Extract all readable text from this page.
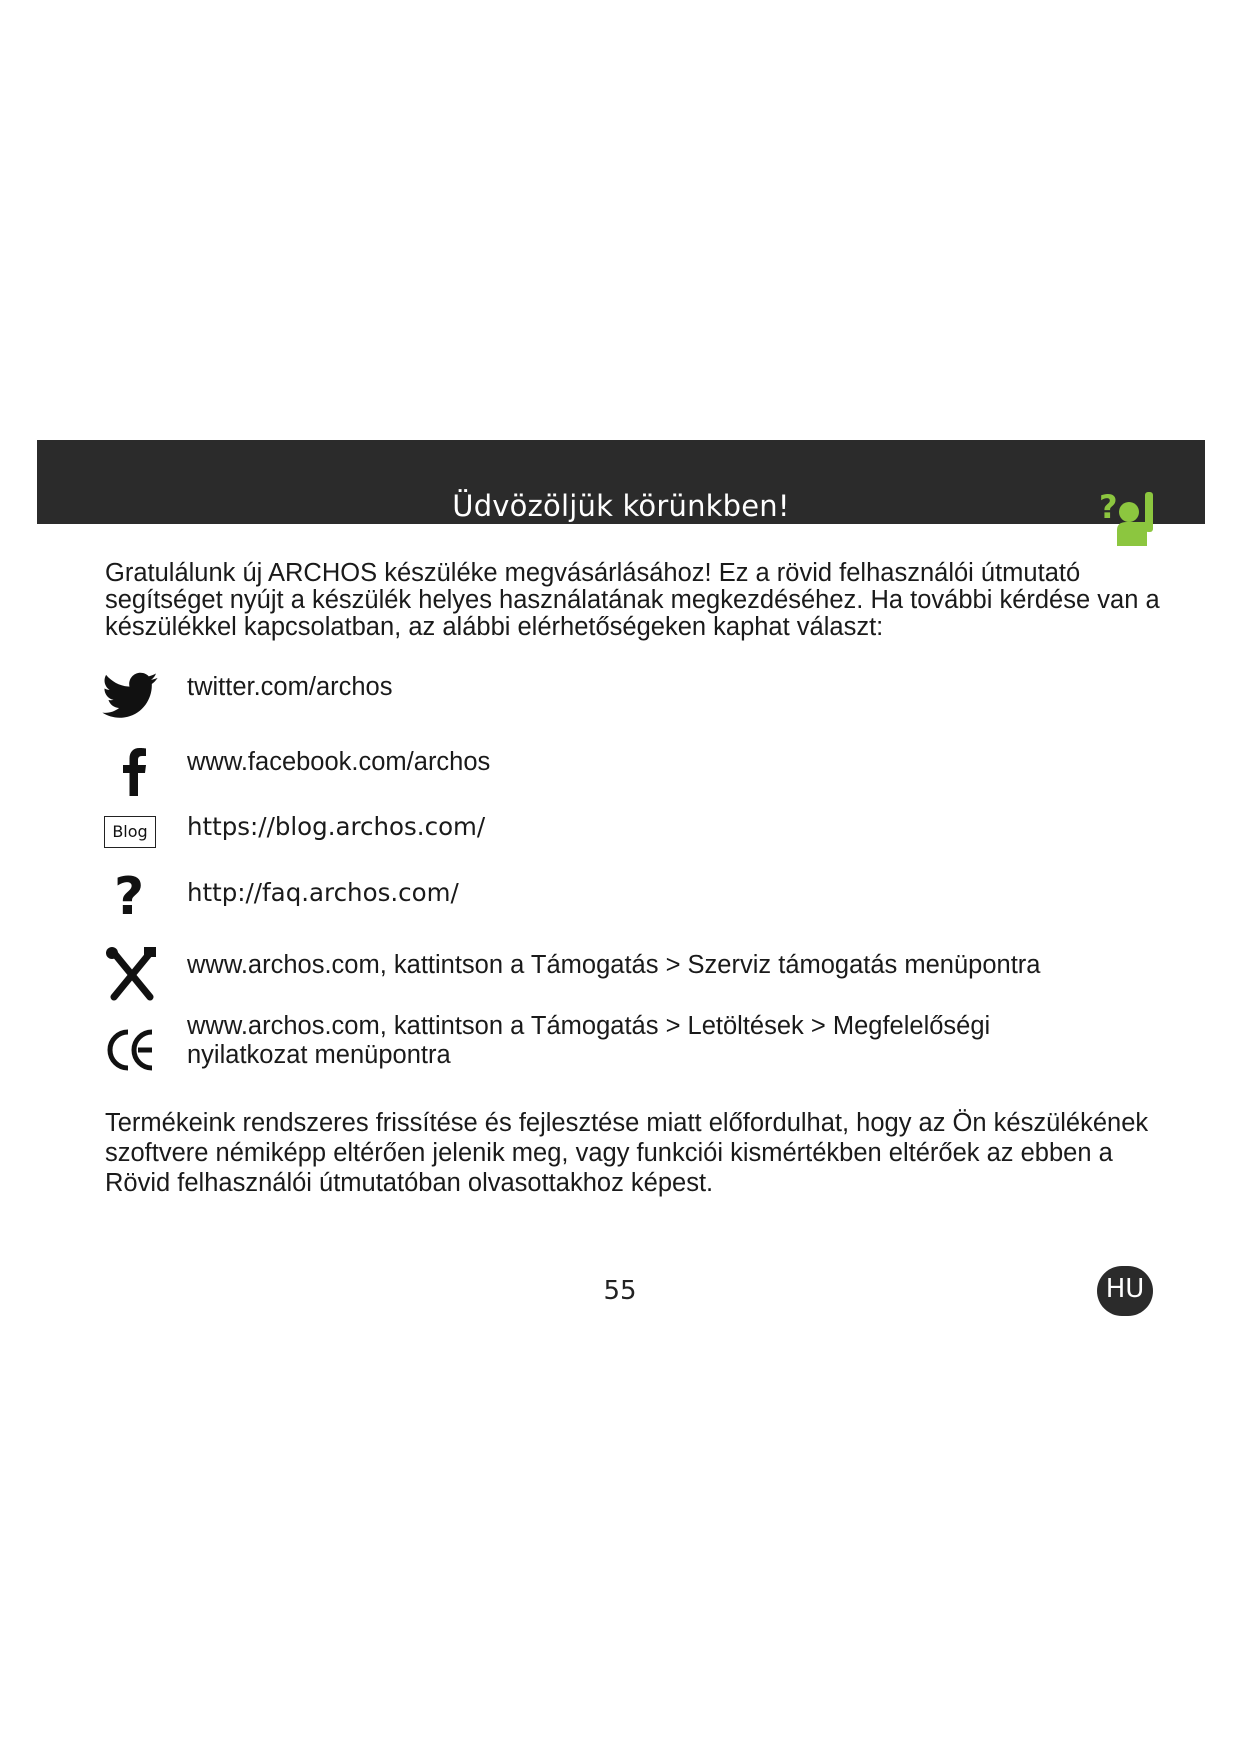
Üdvözöljük körünkben!	?

Gratulálunk új ARCHOS készüléke megvásárlásához! Ez a rövid felhasználói útmutató segítséget nyújt a készülék helyes használatának megkezdéséhez. Ha további kérdése van a készülékkel kapcsolatban, az alábbi elérhetőségeken kaphat választ:

twitter.com/archos
www.facebook.com/archos
Blog	https://blog.archos.com/
? http://faq.archos.com/
www.archos.com, kattintson a Támogatás > Szerviz támogatás menüpontra
www.archos.com, kattintson a Támogatás > Letöltések > Megfelelőségi
nyilatkozat menüpontra

Termékeink rendszeres frissítése és fejlesztése miatt előfordulhat, hogy az Ön készülékének szoftvere némiképp eltérően jelenik meg, vagy funkciói kismértékben eltérőek az ebben a Rövid felhasználói útmutatóban olvasottakhoz képest.

55	HU
